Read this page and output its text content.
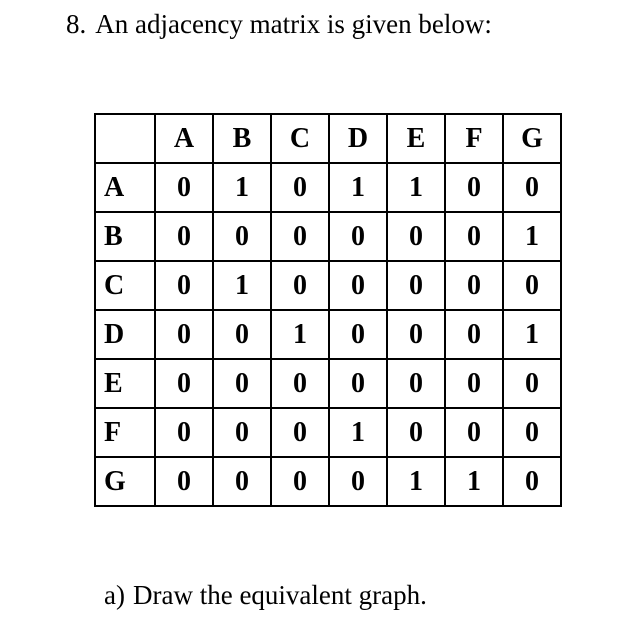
8. An adjacency matrix is given below:
	A	B	C	D	E	F	G
A	0	1	0	1	1	0	0
B	0	0	0	0	0	0	1
C	0	1	0	0	0	0	0
D	0	0	1	0	0	0	1
E	0	0	0	0	0	0	0
F	0	0	0	1	0	0	0
G	0	0	0	0	1	1	0
a) Draw the equivalent graph.
